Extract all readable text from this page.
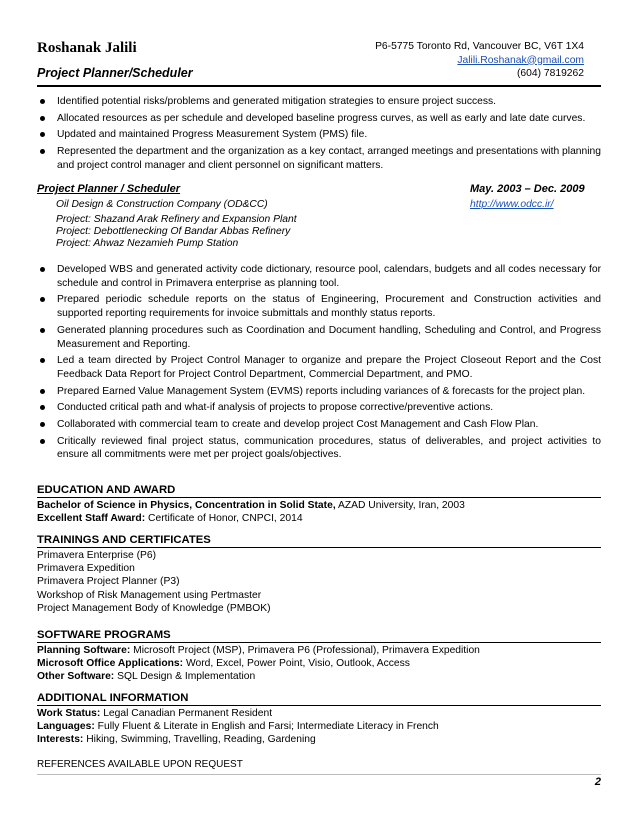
Roshanak Jalili	P6-5775 Toronto Rd, Vancouver BC, V6T 1X4
Jalili.Roshanak@gmail.com
(604) 7819262
Project Planner/Scheduler
Identified potential risks/problems and generated mitigation strategies to ensure project success.
Allocated resources as per schedule and developed baseline progress curves, as well as early and late date curves.
Updated and maintained Progress Measurement System (PMS) file.
Represented the department and the organization as a key contact, arranged meetings and presentations with planning and project control manager and client personnel on significant matters.
Project Planner / Scheduler	May. 2003 – Dec. 2009
Oil Design & Construction Company (OD&CC)	http://www.odcc.ir/
Project: Shazand Arak Refinery and Expansion Plant
Project: Debottlenecking Of Bandar Abbas Refinery
Project: Ahwaz Nezamieh Pump Station
Developed WBS and generated activity code dictionary, resource pool, calendars, budgets and all codes necessary for schedule and control in Primavera enterprise as planning tool.
Prepared periodic schedule reports on the status of Engineering, Procurement and Construction activities and supported reporting requirements for invoice submittals and monthly status reports.
Generated planning procedures such as Coordination and Document handling, Scheduling and Control, and Progress Measurement and Reporting.
Led a team directed by Project Control Manager to organize and prepare the Project Closeout Report and the Cost Feedback Data Report for Project Control Department, Commercial Department, and PMO.
Prepared Earned Value Management System (EVMS) reports including variances of & forecasts for the project plan.
Conducted critical path and what-if analysis of projects to propose corrective/preventive actions.
Collaborated with commercial team to create and develop project Cost Management and Cash Flow Plan.
Critically reviewed final project status, communication procedures, status of deliverables, and project activities to ensure all commitments were met per project goals/objectives.
EDUCATION AND AWARD
Bachelor of Science in Physics, Concentration in Solid State, AZAD University, Iran, 2003
Excellent Staff Award: Certificate of Honor, CNPCI, 2014
TRAININGS AND CERTIFICATES
Primavera Enterprise (P6)
Primavera Expedition
Primavera Project Planner (P3)
Workshop of Risk Management using Pertmaster
Project Management Body of Knowledge (PMBOK)
SOFTWARE PROGRAMS
Planning Software: Microsoft Project (MSP), Primavera P6 (Professional), Primavera Expedition
Microsoft Office Applications: Word, Excel, Power Point, Visio, Outlook, Access
Other Software: SQL Design & Implementation
ADDITIONAL INFORMATION
Work Status: Legal Canadian Permanent Resident
Languages: Fully Fluent & Literate in English and Farsi; Intermediate Literacy in French
Interests: Hiking, Swimming, Travelling, Reading, Gardening
REFERENCES AVAILABLE UPON REQUEST
2
